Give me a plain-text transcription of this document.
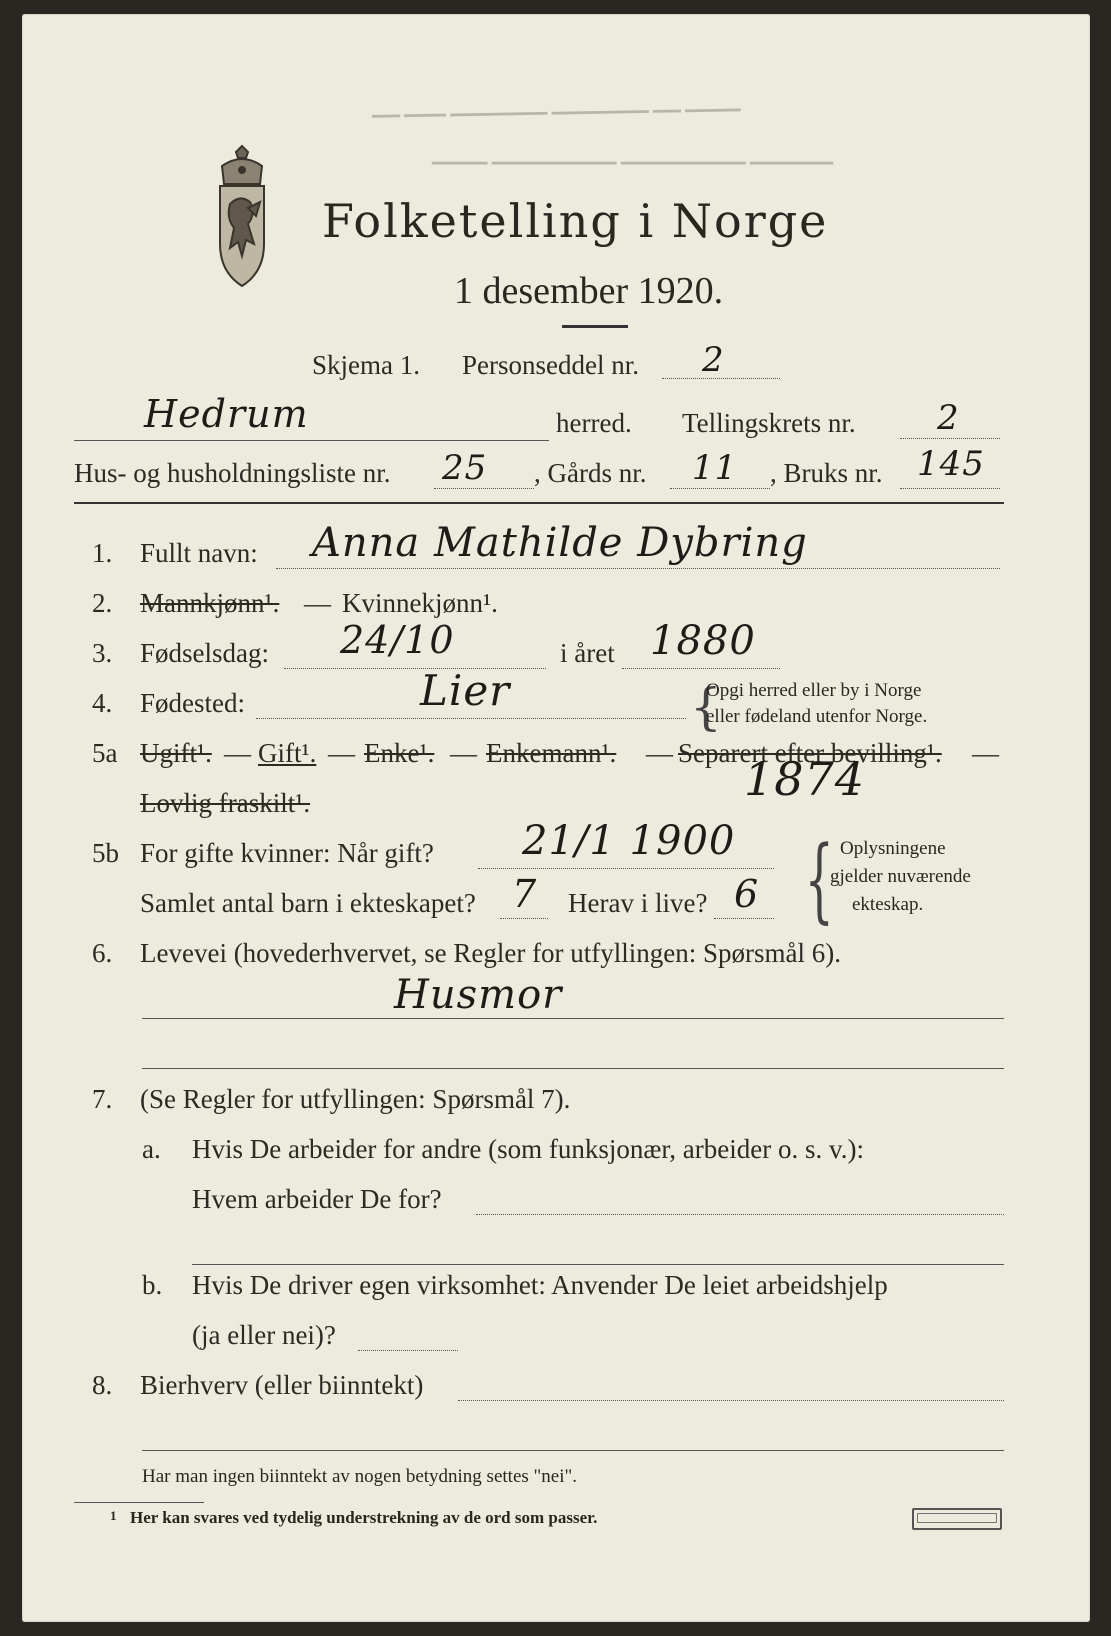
▁▁ ▁▁▁ ▁▁▁▁▁▁▁ ▁▁▁▁▁▁▁ ▁▁ ▁▁▁▁
▁▁▁▁ ▁▁▁▁▁▁▁▁▁ ▁▁▁▁▁▁▁▁▁ ▁▁▁▁▁▁
Folketelling i Norge
1 desember 1920.
Skjema 1. Personseddel nr. 2
Hedrum	herred. Tellingskrets nr. 2
Hus- og husholdningsliste nr. 25 , Gårds nr. 11 , Bruks nr. 145
1. Fullt navn: Anna Mathilde Dybring
2. Mannkjønn¹. — Kvinnekjønn¹.
3. Fødselsdag: 24/10	i året 1880
4. Fødested:	Lier	{
Opgi herred eller by i Norge
eller fødeland utenfor Norge.
5a Ugift¹. — Gift¹. — Enke¹. — Enkemann¹. — Separert efter bevilling¹. —
Lovlig fraskilt¹.	1874
5b For gifte kvinner: Når gift? 21/1 1900
Samlet antal barn i ekteskapet? 7 Herav i live? 6 { Oplysningene
gjelder nuværende
ekteskap.
6. Levevei (hovederhvervet, se Regler for utfyllingen: Spørsmål 6).
Husmor
7. (Se Regler for utfyllingen: Spørsmål 7).
a. Hvis De arbeider for andre (som funksjonær, arbeider o. s. v.):
Hvem arbeider De for?
b. Hvis De driver egen virksomhet: Anvender De leiet arbeidshjelp
(ja eller nei)?
8. Bierhverv (eller biinntekt)
Har man ingen biinntekt av nogen betydning settes "nei".
1 Her kan svares ved tydelig understrekning av de ord som passer.
